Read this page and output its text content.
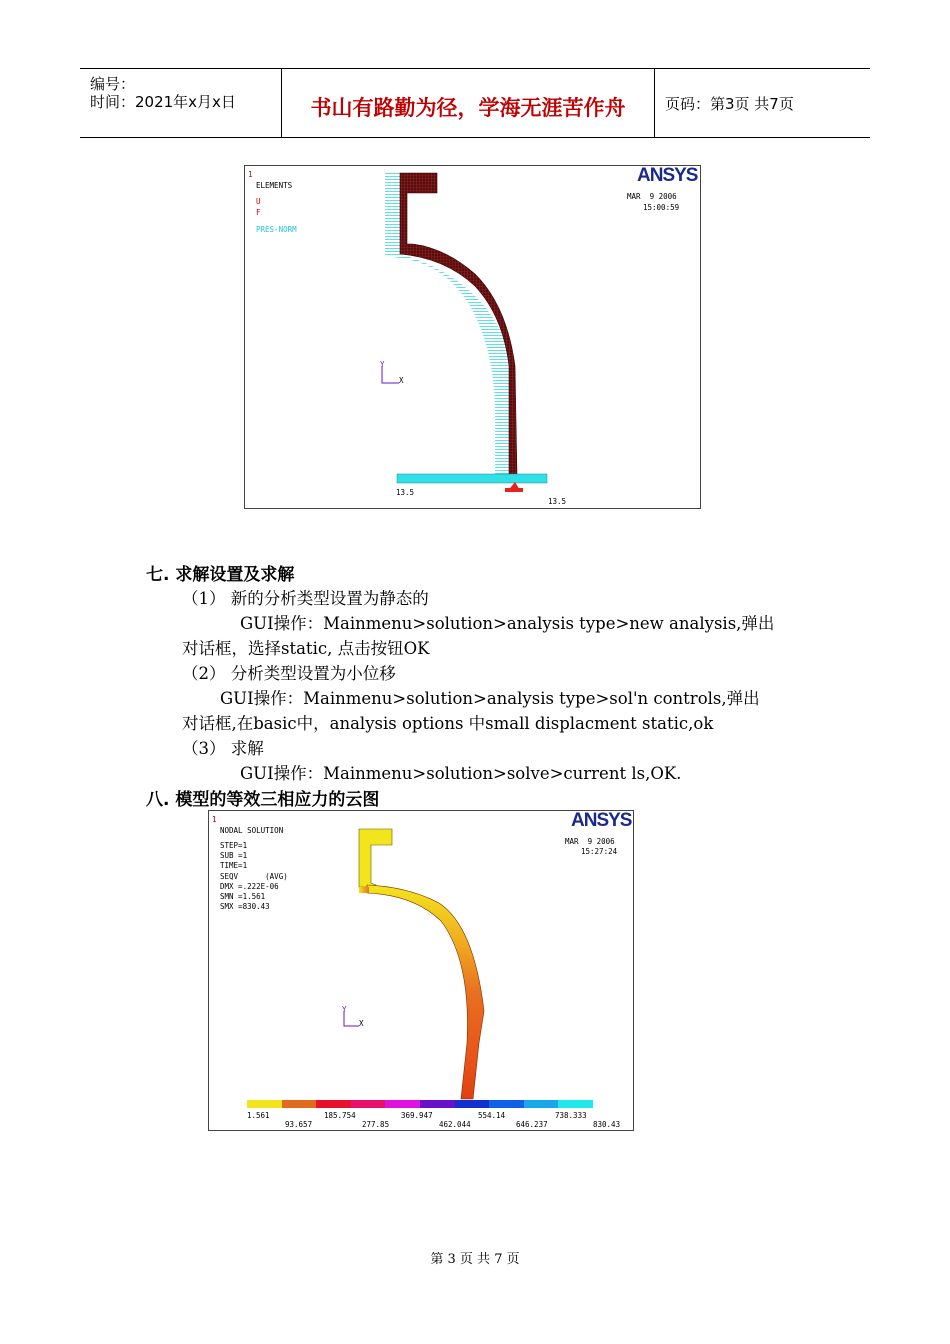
编号：
时间：2021年x月x日	书山有路勤为径，学海无涯苦作舟	页码：第3页 共7页
1
ELEMENTS
U
F
PRES-NORM
ANSYS
MAR  9 2006
15:00:59
Y
X
13.5
13.5
七. 求解设置及求解
（1） 新的分析类型设置为静态的
GUI操作：Mainmenu>solution>analysis type>new analysis,弹出
对话框，选择static, 点击按钮OK
（2） 分析类型设置为小位移
GUI操作：Mainmenu>solution>analysis type>sol'n controls,弹出
对话框,在basic中，analysis options 中small displacment static,ok
（3） 求解
GUI操作：Mainmenu>solution>solve>current ls,OK.
八. 模型的等效三相应力的云图
1
NODAL SOLUTION
STEP=1
SUB =1
TIME=1
SEQV      (AVG)
DMX =.222E-06
SMN =1.561
SMX =830.43
ANSYS
MAR  9 2006
15:27:24
Y
X
1.561	185.754	369.947	554.14	738.333
93.657	277.85	462.044	646.237	830.43
第 3 页 共 7 页
